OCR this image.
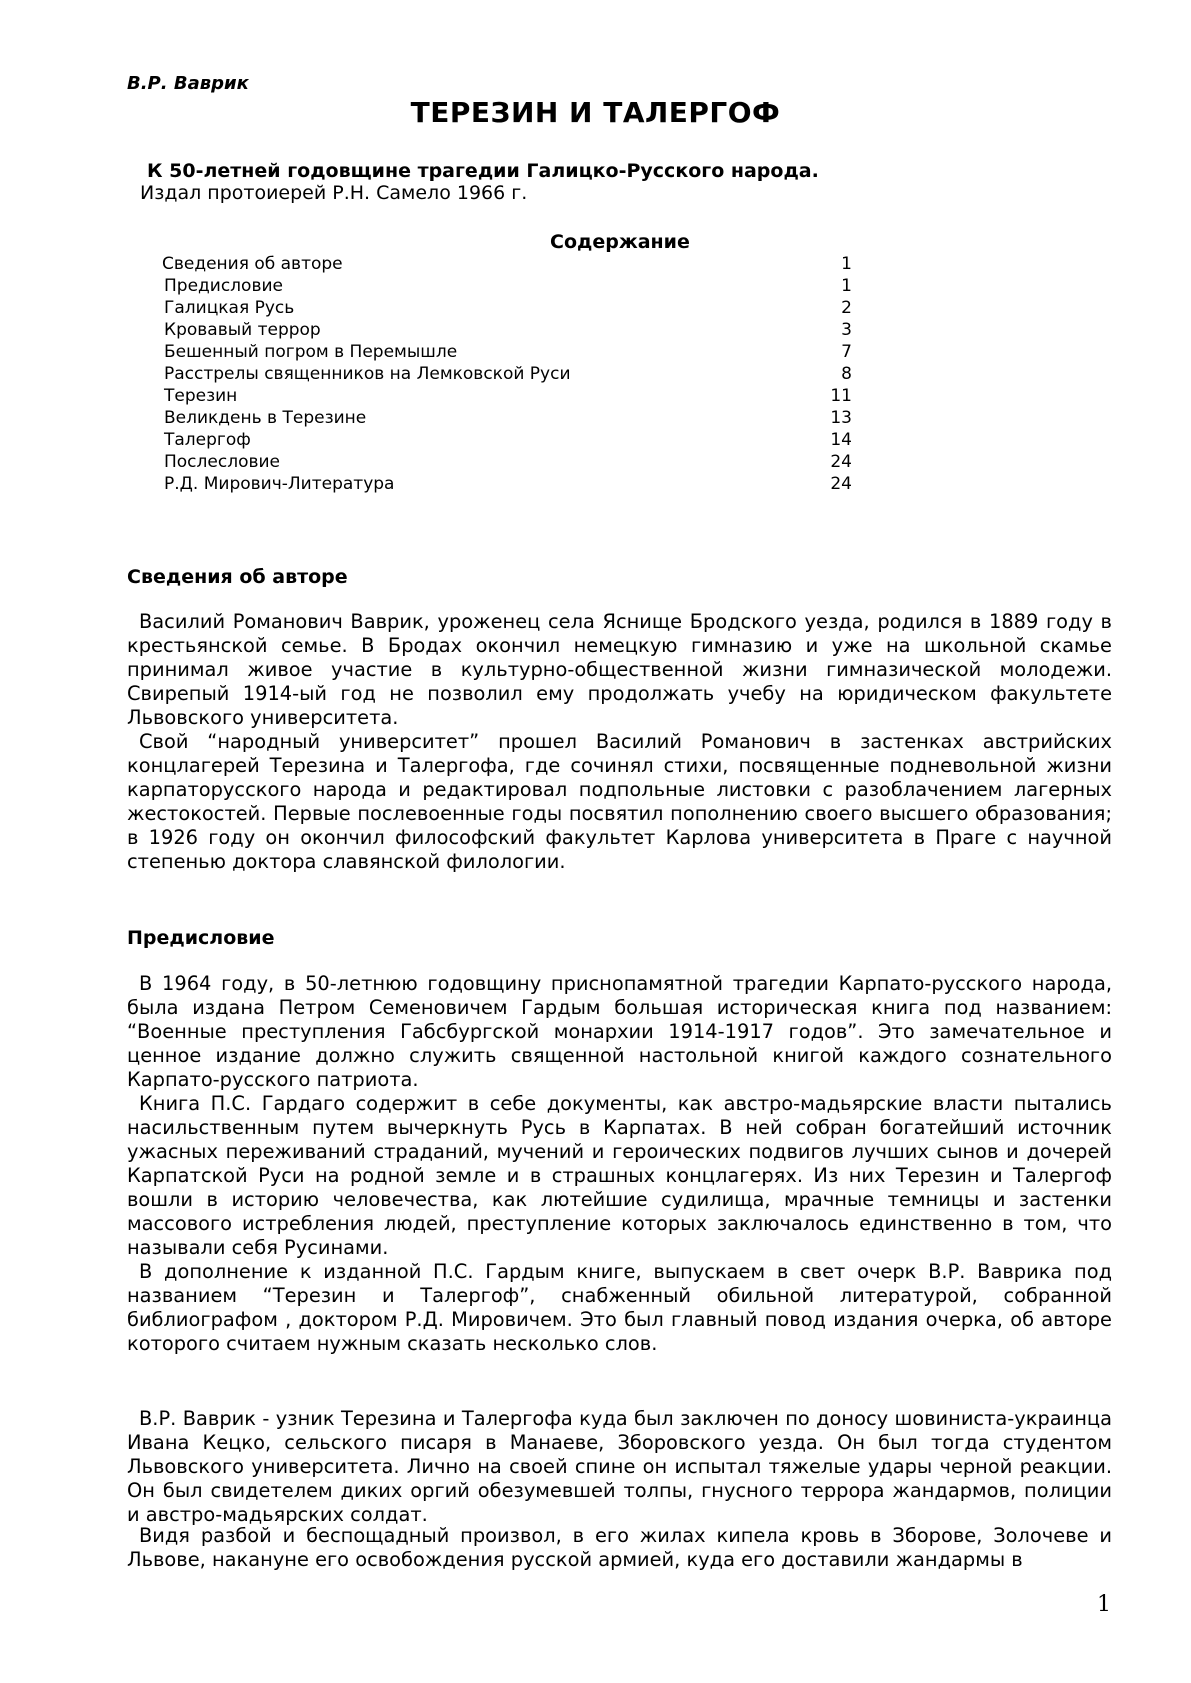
В.Р. Ваврик
ТЕРЕЗИН И ТАЛЕРГОФ
К 50-летней годовщине трагедии Галицко-Русского народа.
Издал протоиерей Р.Н. Самело 1966 г.
Содержание
Сведения об авторе	1
Предисловие	1
Галицкая Русь	2
Кровавый террор	3
Бешенный погром в Перемышле	7
Расстрелы священников на Лемковской Руси	8
Терезин	11
Великдень в Терезине	13
Талергоф	14
Послесловие	24
Р.Д. Мирович-Литература	24
Сведения об авторе

Василий Романович Ваврик, уроженец села Яснище Бродского уезда, родился в 1889 году в крестьянской семье. В Бродах окончил немецкую гимназию и уже на школьной скамье принимал живое участие в культурно-общественной жизни гимназической молодежи. Свирепый 1914-ый год не позволил ему продолжать учебу на юридическом факультете Львовского университета.

Свой “народный университет” прошел Василий Романович в застенках австрийских концлагерей Терезина и Талергофа, где сочинял стихи, посвященные подневольной жизни карпаторусского народа и редактировал подпольные листовки с разоблачением лагерных жестокостей. Первые послевоенные годы посвятил пополнению своего высшего образования; в 1926 году он окончил философский факультет Карлова университета в Праге с научной степенью доктора славянской филологии.

Предисловие

В 1964 году, в 50-летнюю годовщину приснопамятной трагедии Карпато-русского народа, была издана Петром Семеновичем Гардым большая историческая книга под названием: “Военные преступления Габсбургской монархии 1914-1917 годов”. Это замечательное и ценное издание должно служить священной настольной книгой каждого сознательного Карпато-русского патриота.

Книга П.С. Гардаго содержит в себе документы, как австро-мадьярские власти пытались насильственным путем вычеркнуть Русь в Карпатах. В ней собран богатейший источник ужасных переживаний страданий, мучений и героических подвигов лучших сынов и дочерей Карпатской Руси на родной земле и в страшных концлагерях. Из них Терезин и Талергоф вошли в историю человечества, как лютейшие судилища, мрачные темницы и застенки массового истребления людей, преступление которых заключалось единственно в том, что называли себя Русинами.

В дополнение к изданной П.С. Гардым книге, выпускаем в свет очерк В.Р. Ваврика под названием “Терезин и Талергоф”, снабженный обильной литературой, собранной библиографом , доктором Р.Д. Мировичем. Это был главный повод издания очерка, об авторе которого считаем нужным сказать несколько слов.

В.Р. Ваврик - узник Терезина и Талергофа куда был заключен по доносу шовиниста-украинца Ивана Кецко, сельского писаря в Манаеве, Зборовского уезда. Он был тогда студентом Львовского университета. Лично на своей спине он испытал тяжелые удары черной реакции. Он был свидетелем диких оргий обезумевшей толпы, гнусного террора жандармов, полиции и австро-мадьярских солдат.

Видя разбой и беспощадный произвол, в его жилах кипела кровь в Зборове, Золочеве и Львове, накануне его освобождения русской армией, куда его доставили жандармы в

1
